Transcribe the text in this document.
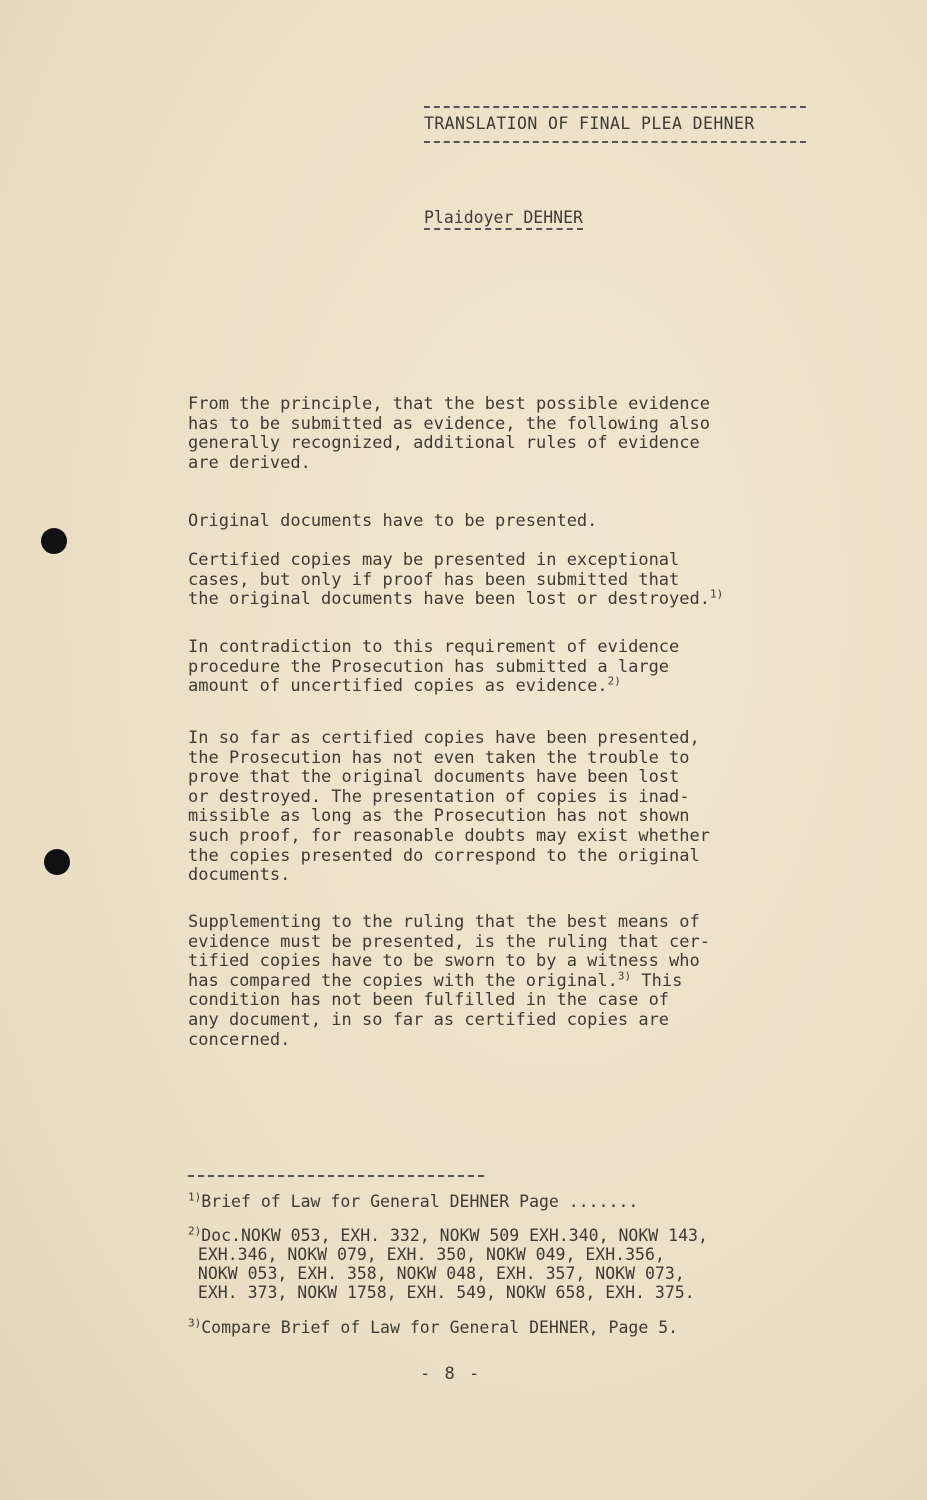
TRANSLATION OF FINAL PLEA DEHNER
Plaidoyer DEHNER

From the principle, that the best possible evidence
has to be submitted as evidence, the following also
generally recognized, additional rules of evidence
are derived.

Original documents have to be presented.

Certified copies may be presented in exceptional
cases, but only if proof has been submitted that
the original documents have been lost or destroyed.$^{1)}$

In contradiction to this requirement of evidence
procedure the Prosecution has submitted a large
amount of uncertified copies as evidence.$^{2)}$

In so far as certified copies have been presented,
the Prosecution has not even taken the trouble to
prove that the original documents have been lost
or destroyed. The presentation of copies is inad-
missible as long as the Prosecution has not shown
such proof, for reasonable doubts may exist whether
the copies presented do correspond to the original
documents.

Supplementing to the ruling that the best means of
evidence must be presented, is the ruling that cer-
tified copies have to be sworn to by a witness who
has compared the copies with the original.$^{3)}$ This
condition has not been fulfilled in the case of
any document, in so far as certified copies are
concerned.

$^{1)}$Brief of Law for General DEHNER Page .......

$^{2)}$Doc.NOKW 053, EXH. 332, NOKW 509 EXH.340, NOKW 143,
EXH.346, NOKW 079, EXH. 350, NOKW 049, EXH.356,
NOKW 053, EXH. 358, NOKW 048, EXH. 357, NOKW 073,
EXH. 373, NOKW 1758, EXH. 549, NOKW 658, EXH. 375.

$^{3)}$Compare Brief of Law for General DEHNER, Page 5.

- 8 -
